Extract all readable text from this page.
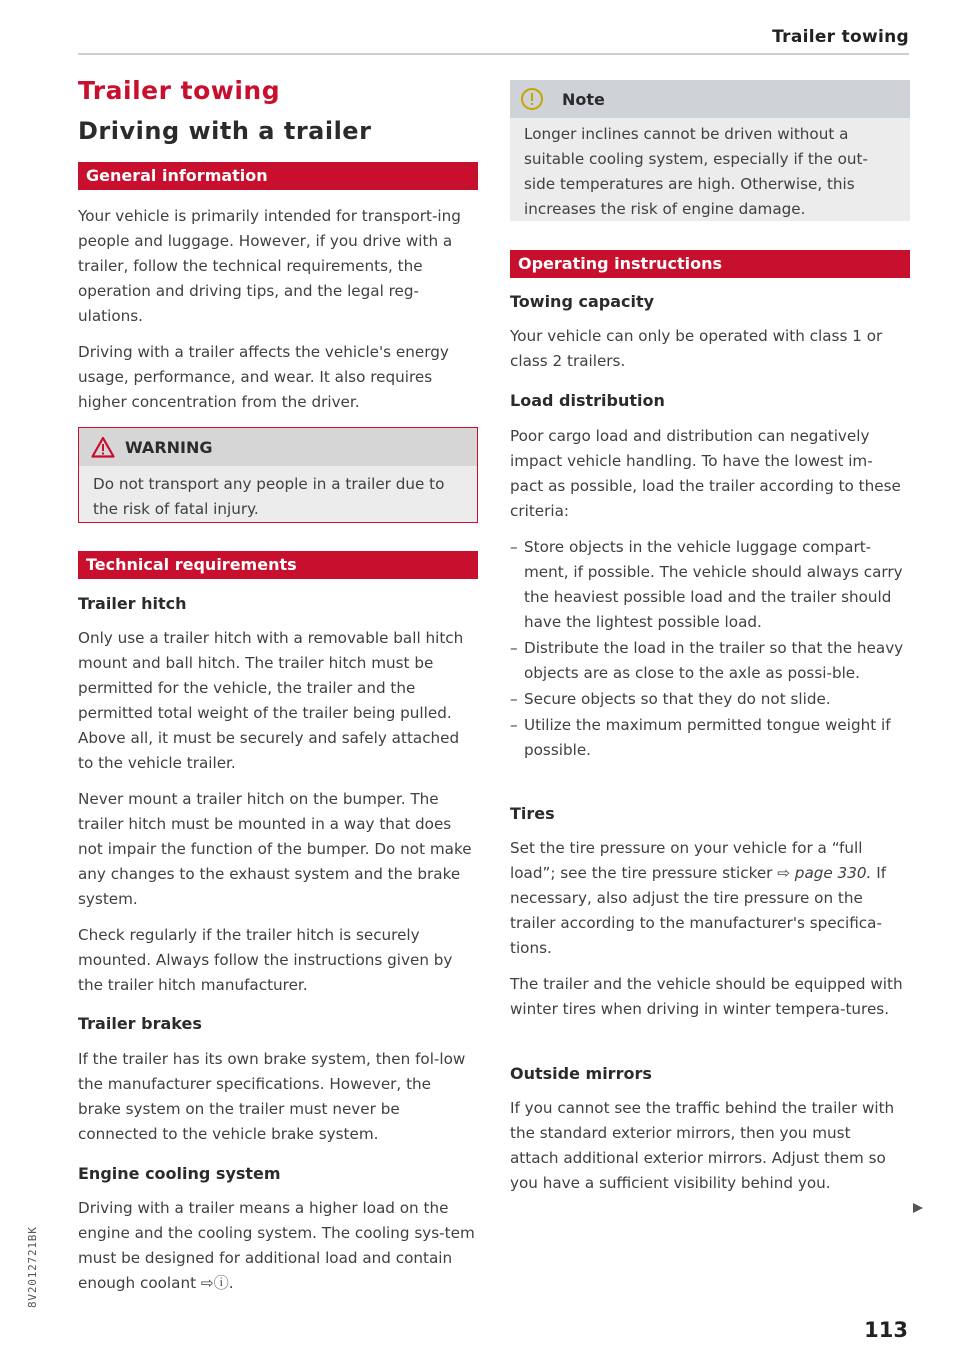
Trailer towing
Trailer towing
Driving with a trailer
General information

Your vehicle is primarily intended for transport-ing people and luggage. However, if you drive with a trailer, follow the technical requirements, the operation and driving tips, and the legal reg-ulations.

Driving with a trailer affects the vehicle's energy usage, performance, and wear. It also requires higher concentration from the driver.

WARNING
Do not transport any people in a trailer due to the risk of fatal injury.
Technical requirements
Trailer hitch

Only use a trailer hitch with a removable ball hitch mount and ball hitch. The trailer hitch must be permitted for the vehicle, the trailer and the permitted total weight of the trailer being pulled. Above all, it must be securely and safely attached to the vehicle trailer.

Never mount a trailer hitch on the bumper. The trailer hitch must be mounted in a way that does not impair the function of the bumper. Do not make any changes to the exhaust system and the brake system.

Check regularly if the trailer hitch is securely mounted. Always follow the instructions given by the trailer hitch manufacturer.

Trailer brakes
If the trailer has its own brake system, then fol-low the manufacturer specifications. However, the brake system on the trailer must never be connected to the vehicle brake system.
Engine cooling system
Driving with a trailer means a higher load on the engine and the cooling system. The cooling sys-tem must be designed for additional load and contain enough coolant ⇨ⓘ.
Note
Longer inclines cannot be driven without a suitable cooling system, especially if the out-side temperatures are high. Otherwise, this increases the risk of engine damage.
Operating instructions
Towing capacity
Your vehicle can only be operated with class 1 or class 2 trailers.
Load distribution
Poor cargo load and distribution can negatively impact vehicle handling. To have the lowest im-pact as possible, load the trailer according to these criteria:
– Store objects in the vehicle luggage compart-ment, if possible. The vehicle should always carry the heaviest possible load and the trailer should have the lightest possible load.
– Distribute the load in the trailer so that the heavy objects are as close to the axle as possi-ble.
– Secure objects so that they do not slide.
– Utilize the maximum permitted tongue weight if possible.
Tires

Set the tire pressure on your vehicle for a “full load”; see the tire pressure sticker ⇨ page 330. If necessary, also adjust the tire pressure on the trailer according to the manufacturer's specifica-tions.

The trailer and the vehicle should be equipped with winter tires when driving in winter tempera-tures.

Outside mirrors
If you cannot see the traffic behind the trailer with the standard exterior mirrors, then you must attach additional exterior mirrors. Adjust them so you have a sufficient visibility behind you.
8V2012721BK
113
